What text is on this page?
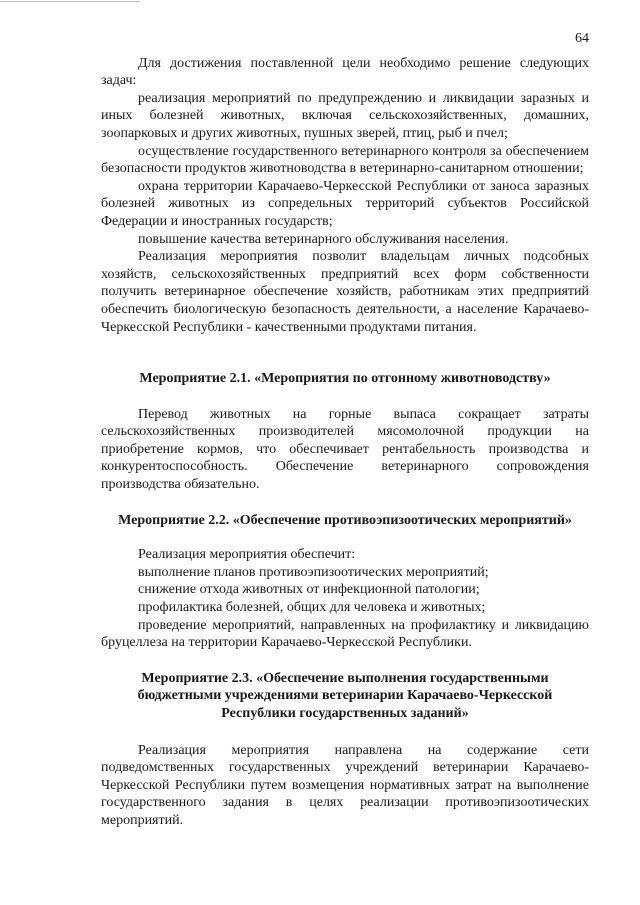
64

Для достижения поставленной цели необходимо решение следующих задач:

реализация мероприятий по предупреждению и ликвидации заразных и иных болезней животных, включая сельскохозяйственных, домашних, зоопарковых и других животных, пушных зверей, птиц, рыб и пчел;

осуществление государственного ветеринарного контроля за обеспечением безопасности продуктов животноводства в ветеринарно-санитарном отношении;

охрана территории Карачаево-Черкесской Республики от заноса заразных болезней животных из сопредельных территорий субъектов Российской Федерации и иностранных государств;

повышение качества ветеринарного обслуживания населения.

Реализация мероприятия позволит владельцам личных подсобных хозяйств, сельскохозяйственных предприятий всех форм собственности получить ветеринарное обеспечение хозяйств, работникам этих предприятий обеспечить биологическую безопасность деятельности, а население Карачаево-Черкесской Республики - качественными продуктами питания.

Мероприятие 2.1. «Мероприятия по отгонному животноводству»

Перевод животных на горные выпаса сокращает затраты сельскохозяйственных производителей мясомолочной продукции на приобретение кормов, что обеспечивает рентабельность производства и конкурентоспособность. Обеспечение ветеринарного сопровождения производства обязательно.

Мероприятие 2.2. «Обеспечение противоэпизоотических мероприятий»

Реализация мероприятия обеспечит:

выполнение планов противоэпизоотических мероприятий;

снижение отхода животных от инфекционной патологии;

профилактика болезней, общих для человека и животных;

проведение мероприятий, направленных на профилактику и ликвидацию бруцеллеза на территории Карачаево-Черкесской Республики.

Мероприятие 2.3. «Обеспечение выполнения государственными бюджетными учреждениями ветеринарии Карачаево-Черкесской Республики государственных заданий»

Реализация мероприятия направлена на содержание сети подведомственных государственных учреждений ветеринарии Карачаево-Черкесской Республики путем возмещения нормативных затрат на выполнение государственного задания в целях реализации противоэпизоотических мероприятий.
